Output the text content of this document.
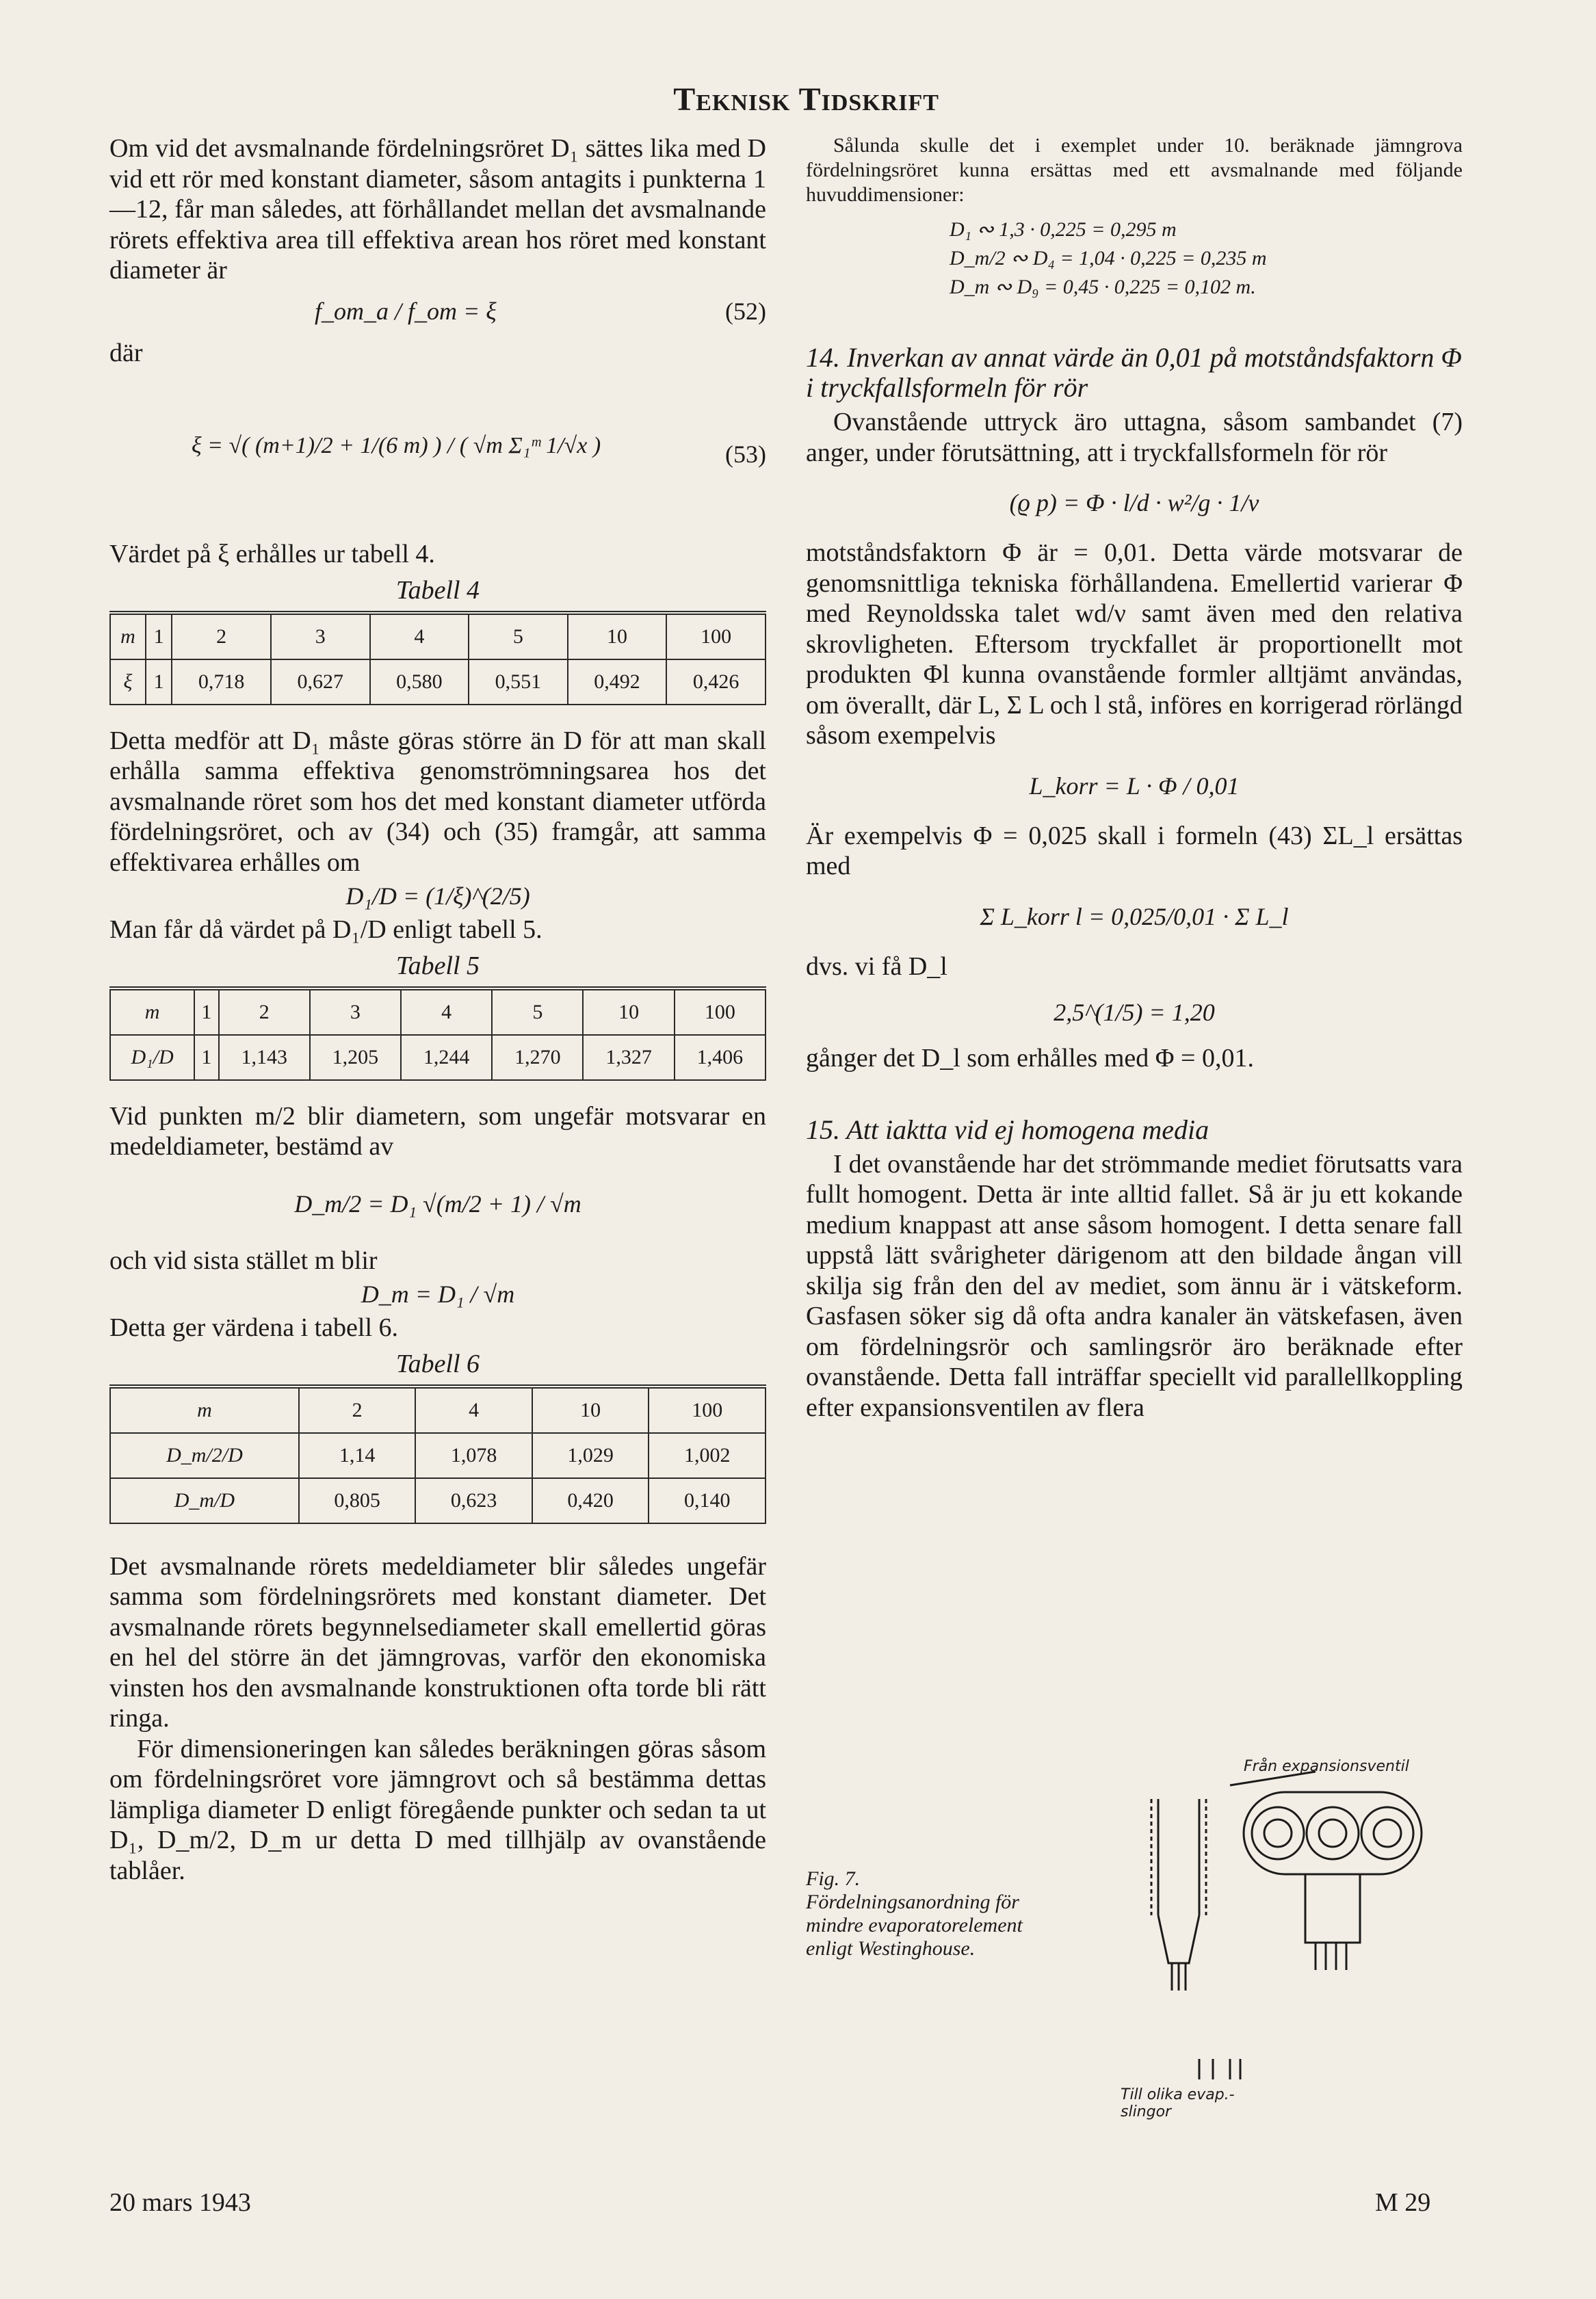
Teknisk Tidskrift

Om vid det avsmalnande fördelningsröret D₁ sättes lika med D vid ett rör med konstant diameter, såsom antagits i punkterna 1—12, får man således, att förhållandet mellan det avsmalnande rörets effektiva area till effektiva arean hos röret med konstant diameter är

f_om_a / f_om = ξ	(52)

där

ξ = √( (m+1)/2 + 1/(6 m) ) / ( √m Σ₁ᵐ 1/√x )	(53)

Värdet på ξ erhålles ur tabell 4.

Tabell 4
m	1	2	3	4	5	10	100
ξ	1	0,718	0,627	0,580	0,551	0,492	0,426

Detta medför att D₁ måste göras större än D för att man skall erhålla samma effektiva genomströmningsarea hos det avsmalnande röret som hos det med konstant diameter utförda fördelningsröret, och av (34) och (35) framgår, att samma effektivarea erhålles om

D₁/D = (1/ξ)^(2/5)

Man får då värdet på D₁/D enligt tabell 5.

Tabell 5
m	1	2	3	4	5	10	100
D₁/D	1	1,143	1,205	1,244	1,270	1,327	1,406

Vid punkten m/2 blir diametern, som ungefär motsvarar en medeldiameter, bestämd av

D_m/2 = D₁ √(m/2 + 1) / √m

och vid sista stället m blir

D_m = D₁ / √m

Detta ger värdena i tabell 6.

Tabell 6
m	2	4	10	100
D_m/2/D	1,14	1,078	1,029	1,002
D_m/D	0,805	0,623	0,420	0,140

Det avsmalnande rörets medeldiameter blir således ungefär samma som fördelningsrörets med konstant diameter. Det avsmalnande rörets begynnelsediameter skall emellertid göras en hel del större än det jämngrovas, varför den ekonomiska vinsten hos den avsmalnande konstruktionen ofta torde bli rätt ringa.

För dimensioneringen kan således beräkningen göras såsom om fördelningsröret vore jämngrovt och så bestämma dettas lämpliga diameter D enligt föregående punkter och sedan ta ut D₁, D_m/2, D_m ur detta D med tillhjälp av ovanstående tablåer.

Sålunda skulle det i exemplet under 10. beräknade jämngrova fördelningsröret kunna ersättas med ett avsmalnande med följande huvuddimensioner:

D₁ ∾ 1,3 · 0,225 = 0,295 m
D_m/2 ∾ D₄ = 1,04 · 0,225 = 0,235 m
D_m ∾ D₉ = 0,45 · 0,225 = 0,102 m.
14. Inverkan av annat värde än 0,01 på motståndsfaktorn Φ i tryckfallsformeln för rör

Ovanstående uttryck äro uttagna, såsom sambandet (7) anger, under förutsättning, att i tryckfallsformeln för rör

(ϱ p) = Φ · l/d · w²/g · 1/v

motståndsfaktorn Φ är = 0,01. Detta värde motsvarar de genomsnittliga tekniska förhållandena. Emellertid varierar Φ med Reynoldsska talet wd/ν samt även med den relativa skrovligheten. Eftersom tryckfallet är proportionellt mot produkten Φl kunna ovanstående formler alltjämt användas, om överallt, där L, Σ L och l stå, införes en korrigerad rörlängd såsom exempelvis

L_korr = L · Φ / 0,01

Är exempelvis Φ = 0,025 skall i formeln (43) ΣL_l ersättas med

Σ L_korr l = 0,025/0,01 · Σ L_l

dvs. vi få D_l

2,5^(1/5) = 1,20

gånger det D_l som erhålles med Φ = 0,01.

15. Att iaktta vid ej homogena media

I det ovanstående har det strömmande mediet förutsatts vara fullt homogent. Detta är inte alltid fallet. Så är ju ett kokande medium knappast att anse såsom homogent. I detta senare fall uppstå lätt svårigheter därigenom att den bildade ångan vill skilja sig från den del av mediet, som ännu är i vätskeform. Gasfasen söker sig då ofta andra kanaler än vätskefasen, även om fördelningsrör och samlingsrör äro beräknade efter ovanstående. Detta fall inträffar speciellt vid parallellkoppling efter expansionsventilen av flera

Fig. 7. Fördelningsanordning för mindre evaporatorelement enligt Westinghouse.
Från expansionsventil
Till olika evap.-slingor
20 mars 1943	M 29
